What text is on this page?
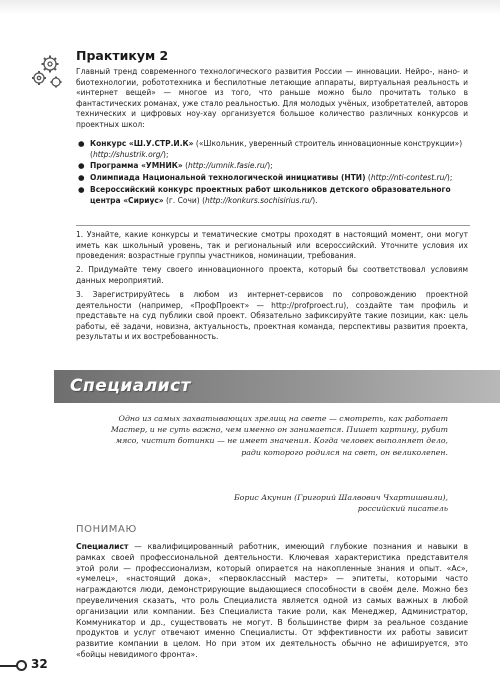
Практикум 2

Главный тренд современного технологического развития России — инновации. Нейро-, нано- и биотехнологии, робототехника и беспилотные летающие аппараты, виртуальная реальность и «интернет вещей» — многое из того, что раньше можно было прочитать только в фантастических романах, уже стало реальностью. Для молодых учёных, изобретателей, авторов технических и цифровых ноу-хау организуется большое количество различных конкурсов и проектных школ:

● Конкурс «Ш.У.СТР.И.К» («Школьник, уверенный строитель инновационные конструкции») (http://shustrik.org/);
● Программа «УМНИК» (http://umnik.fasie.ru/);
● Олимпиада Национальной технологической инициативы (НТИ) (http://nti-contest.ru/);
● Всероссийский конкурс проектных работ школьников детского образовательного центра «Сириус» (г. Сочи) (http://konkurs.sochisirius.ru/).

1. Узнайте, какие конкурсы и тематические смотры проходят в настоящий момент, они могут иметь как школьный уровень, так и региональный или всероссийский. Уточните условия их проведения: возрастные группы участников, номинации, требования.

2. Придумайте тему своего инновационного проекта, который бы соответствовал условиям данных мероприятий.

3. Зарегистрируйтесь в любом из интернет-сервисов по сопровождению проектной деятельности (например, «ПрофПроект» — http://profproect.ru), создайте там профиль и представьте на суд публики свой проект. Обязательно зафиксируйте такие позиции, как: цель работы, её задачи, новизна, актуальность, проектная команда, перспективы развития проекта, результаты и их востребованность.

Специалист

Одно из самых захватывающих зрелищ на свете — смотреть, как работает Мастер, и не суть важно, чем именно он занимается. Пишет картину, рубит мясо, чистит ботинки — не имеет значения. Когда человек выполняет дело, ради которого родился на свет, он великолепен.

Борис Акунин (Григорий Шалвович Чхартишвили),
российский писатель

ПОНИМАЮ

Специалист — квалифицированный работник, имеющий глубокие познания и навыки в рамках своей профессиональной деятельности. Ключевая характеристика представителя этой роли — профессионализм, который опирается на накопленные знания и опыт. «Ас», «умелец», «настоящий дока», «первоклассный мастер» — эпитеты, которыми часто награждаются люди, демонстрирующие выдающиеся способности в своём деле. Можно без преувеличения сказать, что роль Специалиста является одной из самых важных в любой организации или компании. Без Специалиста такие роли, как Менеджер, Администратор, Коммуникатор и др., существовать не могут. В большинстве фирм за реальное создание продуктов и услуг отвечают именно Специалисты. От эффективности их работы зависит развитие компании в целом. Но при этом их деятельность обычно не афишируется, это «бойцы невидимого фронта».

32
